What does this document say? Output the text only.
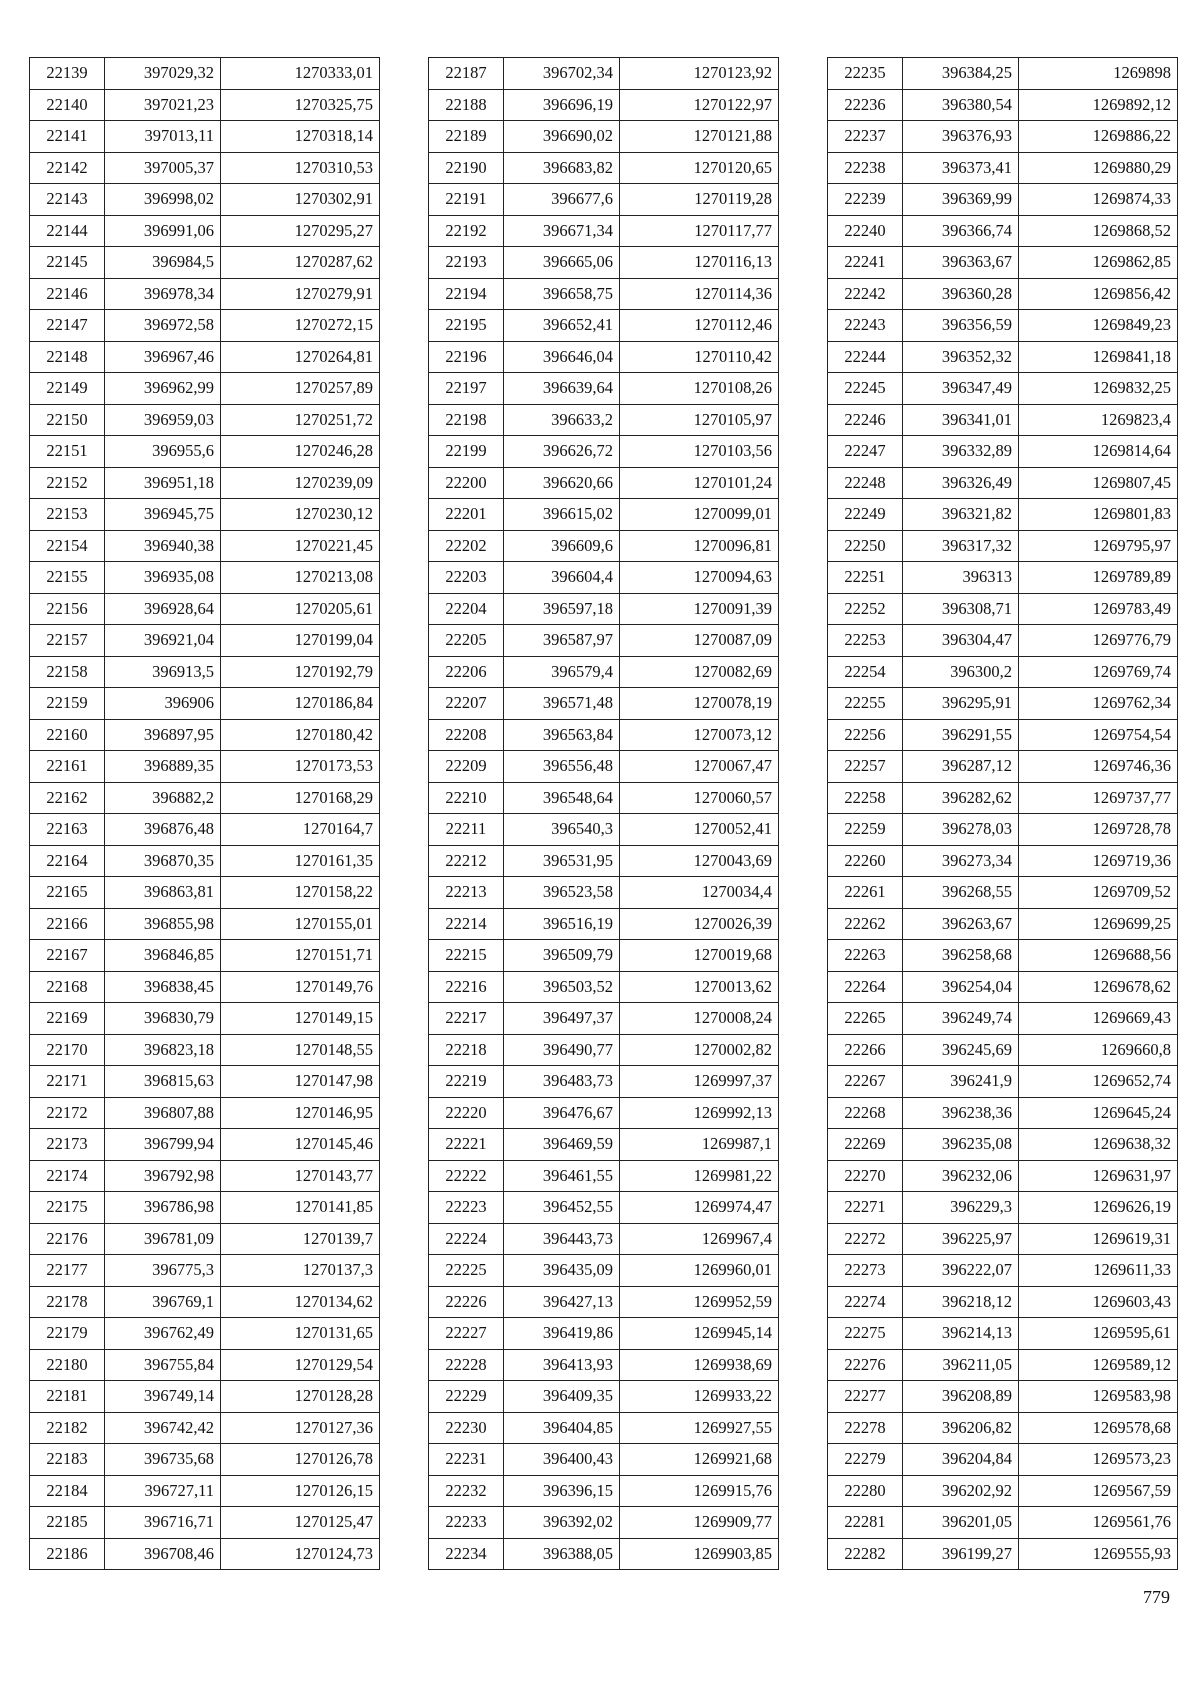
22139	397029,32	1270333,01
22140	397021,23	1270325,75
22141	397013,11	1270318,14
22142	397005,37	1270310,53
22143	396998,02	1270302,91
22144	396991,06	1270295,27
22145	396984,5	1270287,62
22146	396978,34	1270279,91
22147	396972,58	1270272,15
22148	396967,46	1270264,81
22149	396962,99	1270257,89
22150	396959,03	1270251,72
22151	396955,6	1270246,28
22152	396951,18	1270239,09
22153	396945,75	1270230,12
22154	396940,38	1270221,45
22155	396935,08	1270213,08
22156	396928,64	1270205,61
22157	396921,04	1270199,04
22158	396913,5	1270192,79
22159	396906	1270186,84
22160	396897,95	1270180,42
22161	396889,35	1270173,53
22162	396882,2	1270168,29
22163	396876,48	1270164,7
22164	396870,35	1270161,35
22165	396863,81	1270158,22
22166	396855,98	1270155,01
22167	396846,85	1270151,71
22168	396838,45	1270149,76
22169	396830,79	1270149,15
22170	396823,18	1270148,55
22171	396815,63	1270147,98
22172	396807,88	1270146,95
22173	396799,94	1270145,46
22174	396792,98	1270143,77
22175	396786,98	1270141,85
22176	396781,09	1270139,7
22177	396775,3	1270137,3
22178	396769,1	1270134,62
22179	396762,49	1270131,65
22180	396755,84	1270129,54
22181	396749,14	1270128,28
22182	396742,42	1270127,36
22183	396735,68	1270126,78
22184	396727,11	1270126,15
22185	396716,71	1270125,47
22186	396708,46	1270124,73
22187	396702,34	1270123,92
22188	396696,19	1270122,97
22189	396690,02	1270121,88
22190	396683,82	1270120,65
22191	396677,6	1270119,28
22192	396671,34	1270117,77
22193	396665,06	1270116,13
22194	396658,75	1270114,36
22195	396652,41	1270112,46
22196	396646,04	1270110,42
22197	396639,64	1270108,26
22198	396633,2	1270105,97
22199	396626,72	1270103,56
22200	396620,66	1270101,24
22201	396615,02	1270099,01
22202	396609,6	1270096,81
22203	396604,4	1270094,63
22204	396597,18	1270091,39
22205	396587,97	1270087,09
22206	396579,4	1270082,69
22207	396571,48	1270078,19
22208	396563,84	1270073,12
22209	396556,48	1270067,47
22210	396548,64	1270060,57
22211	396540,3	1270052,41
22212	396531,95	1270043,69
22213	396523,58	1270034,4
22214	396516,19	1270026,39
22215	396509,79	1270019,68
22216	396503,52	1270013,62
22217	396497,37	1270008,24
22218	396490,77	1270002,82
22219	396483,73	1269997,37
22220	396476,67	1269992,13
22221	396469,59	1269987,1
22222	396461,55	1269981,22
22223	396452,55	1269974,47
22224	396443,73	1269967,4
22225	396435,09	1269960,01
22226	396427,13	1269952,59
22227	396419,86	1269945,14
22228	396413,93	1269938,69
22229	396409,35	1269933,22
22230	396404,85	1269927,55
22231	396400,43	1269921,68
22232	396396,15	1269915,76
22233	396392,02	1269909,77
22234	396388,05	1269903,85
22235	396384,25	1269898
22236	396380,54	1269892,12
22237	396376,93	1269886,22
22238	396373,41	1269880,29
22239	396369,99	1269874,33
22240	396366,74	1269868,52
22241	396363,67	1269862,85
22242	396360,28	1269856,42
22243	396356,59	1269849,23
22244	396352,32	1269841,18
22245	396347,49	1269832,25
22246	396341,01	1269823,4
22247	396332,89	1269814,64
22248	396326,49	1269807,45
22249	396321,82	1269801,83
22250	396317,32	1269795,97
22251	396313	1269789,89
22252	396308,71	1269783,49
22253	396304,47	1269776,79
22254	396300,2	1269769,74
22255	396295,91	1269762,34
22256	396291,55	1269754,54
22257	396287,12	1269746,36
22258	396282,62	1269737,77
22259	396278,03	1269728,78
22260	396273,34	1269719,36
22261	396268,55	1269709,52
22262	396263,67	1269699,25
22263	396258,68	1269688,56
22264	396254,04	1269678,62
22265	396249,74	1269669,43
22266	396245,69	1269660,8
22267	396241,9	1269652,74
22268	396238,36	1269645,24
22269	396235,08	1269638,32
22270	396232,06	1269631,97
22271	396229,3	1269626,19
22272	396225,97	1269619,31
22273	396222,07	1269611,33
22274	396218,12	1269603,43
22275	396214,13	1269595,61
22276	396211,05	1269589,12
22277	396208,89	1269583,98
22278	396206,82	1269578,68
22279	396204,84	1269573,23
22280	396202,92	1269567,59
22281	396201,05	1269561,76
22282	396199,27	1269555,93
779
